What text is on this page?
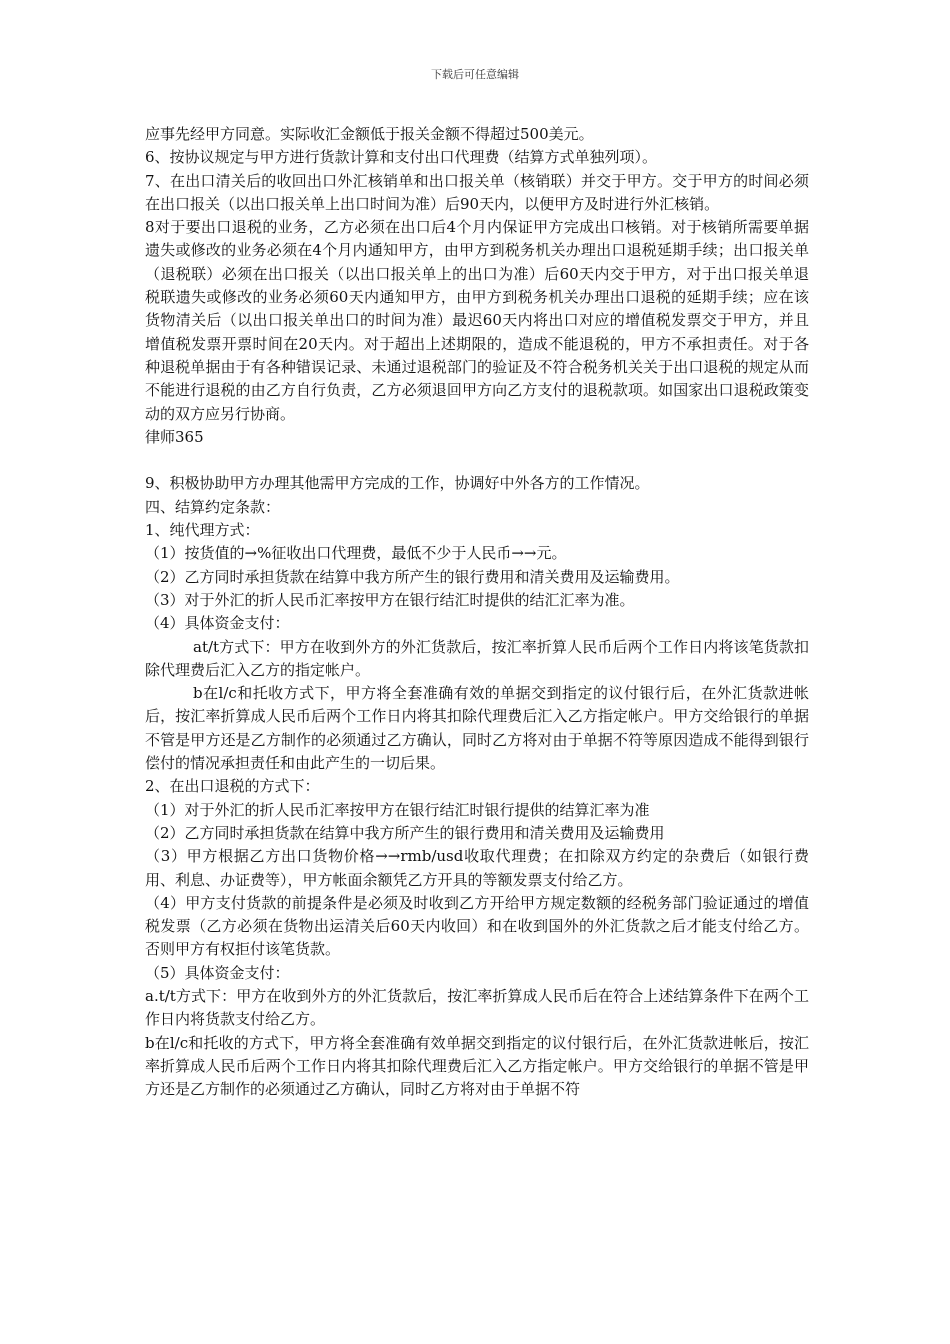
下载后可任意编辑

应事先经甲方同意。实际收汇金额低于报关金额不得超过500美元。

6、按协议规定与甲方进行货款计算和支付出口代理费（结算方式单独列项）。

7、在出口清关后的收回出口外汇核销单和出口报关单（核销联）并交于甲方。交于甲方的时间必须在出口报关（以出口报关单上出口时间为准）后90天内，以便甲方及时进行外汇核销。

8对于要出口退税的业务，乙方必须在出口后4个月内保证甲方完成出口核销。对于核销所需要单据遗失或修改的业务必须在4个月内通知甲方，由甲方到税务机关办理出口退税延期手续；出口报关单（退税联）必须在出口报关（以出口报关单上的出口为准）后60天内交于甲方，对于出口报关单退税联遗失或修改的业务必须60天内通知甲方，由甲方到税务机关办理出口退税的延期手续；应在该货物清关后（以出口报关单出口的时间为准）最迟60天内将出口对应的增值税发票交于甲方，并且增值税发票开票时间在20天内。对于超出上述期限的，造成不能退税的，甲方不承担责任。对于各种退税单据由于有各种错误记录、未通过退税部门的验证及不符合税务机关关于出口退税的规定从而不能进行退税的由乙方自行负责，乙方必须退回甲方向乙方支付的退税款项。如国家出口退税政策变动的双方应另行协商。

律师365

9、积极协助甲方办理其他需甲方完成的工作，协调好中外各方的工作情况。

四、结算约定条款：

1、纯代理方式：

（1）按货值的→%征收出口代理费，最低不少于人民币→→元。

（2）乙方同时承担货款在结算中我方所产生的银行费用和清关费用及运输费用。

（3）对于外汇的折人民币汇率按甲方在银行结汇时提供的结汇汇率为准。

（4）具体资金支付：

at/t方式下：甲方在收到外方的外汇货款后，按汇率折算人民币后两个工作日内将该笔货款扣除代理费后汇入乙方的指定帐户。

b在l/c和托收方式下，甲方将全套准确有效的单据交到指定的议付银行后，在外汇货款进帐后，按汇率折算成人民币后两个工作日内将其扣除代理费后汇入乙方指定帐户。甲方交给银行的单据不管是甲方还是乙方制作的必须通过乙方确认，同时乙方将对由于单据不符等原因造成不能得到银行偿付的情况承担责任和由此产生的一切后果。

2、在出口退税的方式下：

（1）对于外汇的折人民币汇率按甲方在银行结汇时银行提供的结算汇率为准

（2）乙方同时承担货款在结算中我方所产生的银行费用和清关费用及运输费用

（3）甲方根据乙方出口货物价格→→rmb/usd收取代理费；在扣除双方约定的杂费后（如银行费用、利息、办证费等），甲方帐面余额凭乙方开具的等额发票支付给乙方。

（4）甲方支付货款的前提条件是必须及时收到乙方开给甲方规定数额的经税务部门验证通过的增值税发票（乙方必须在货物出运清关后60天内收回）和在收到国外的外汇货款之后才能支付给乙方。否则甲方有权拒付该笔货款。

（5）具体资金支付：

a.t/t方式下：甲方在收到外方的外汇货款后，按汇率折算成人民币后在符合上述结算条件下在两个工作日内将货款支付给乙方。

b在l/c和托收的方式下，甲方将全套准确有效单据交到指定的议付银行后，在外汇货款进帐后，按汇率折算成人民币后两个工作日内将其扣除代理费后汇入乙方指定帐户。甲方交给银行的单据不管是甲方还是乙方制作的必须通过乙方确认，同时乙方将对由于单据不符
